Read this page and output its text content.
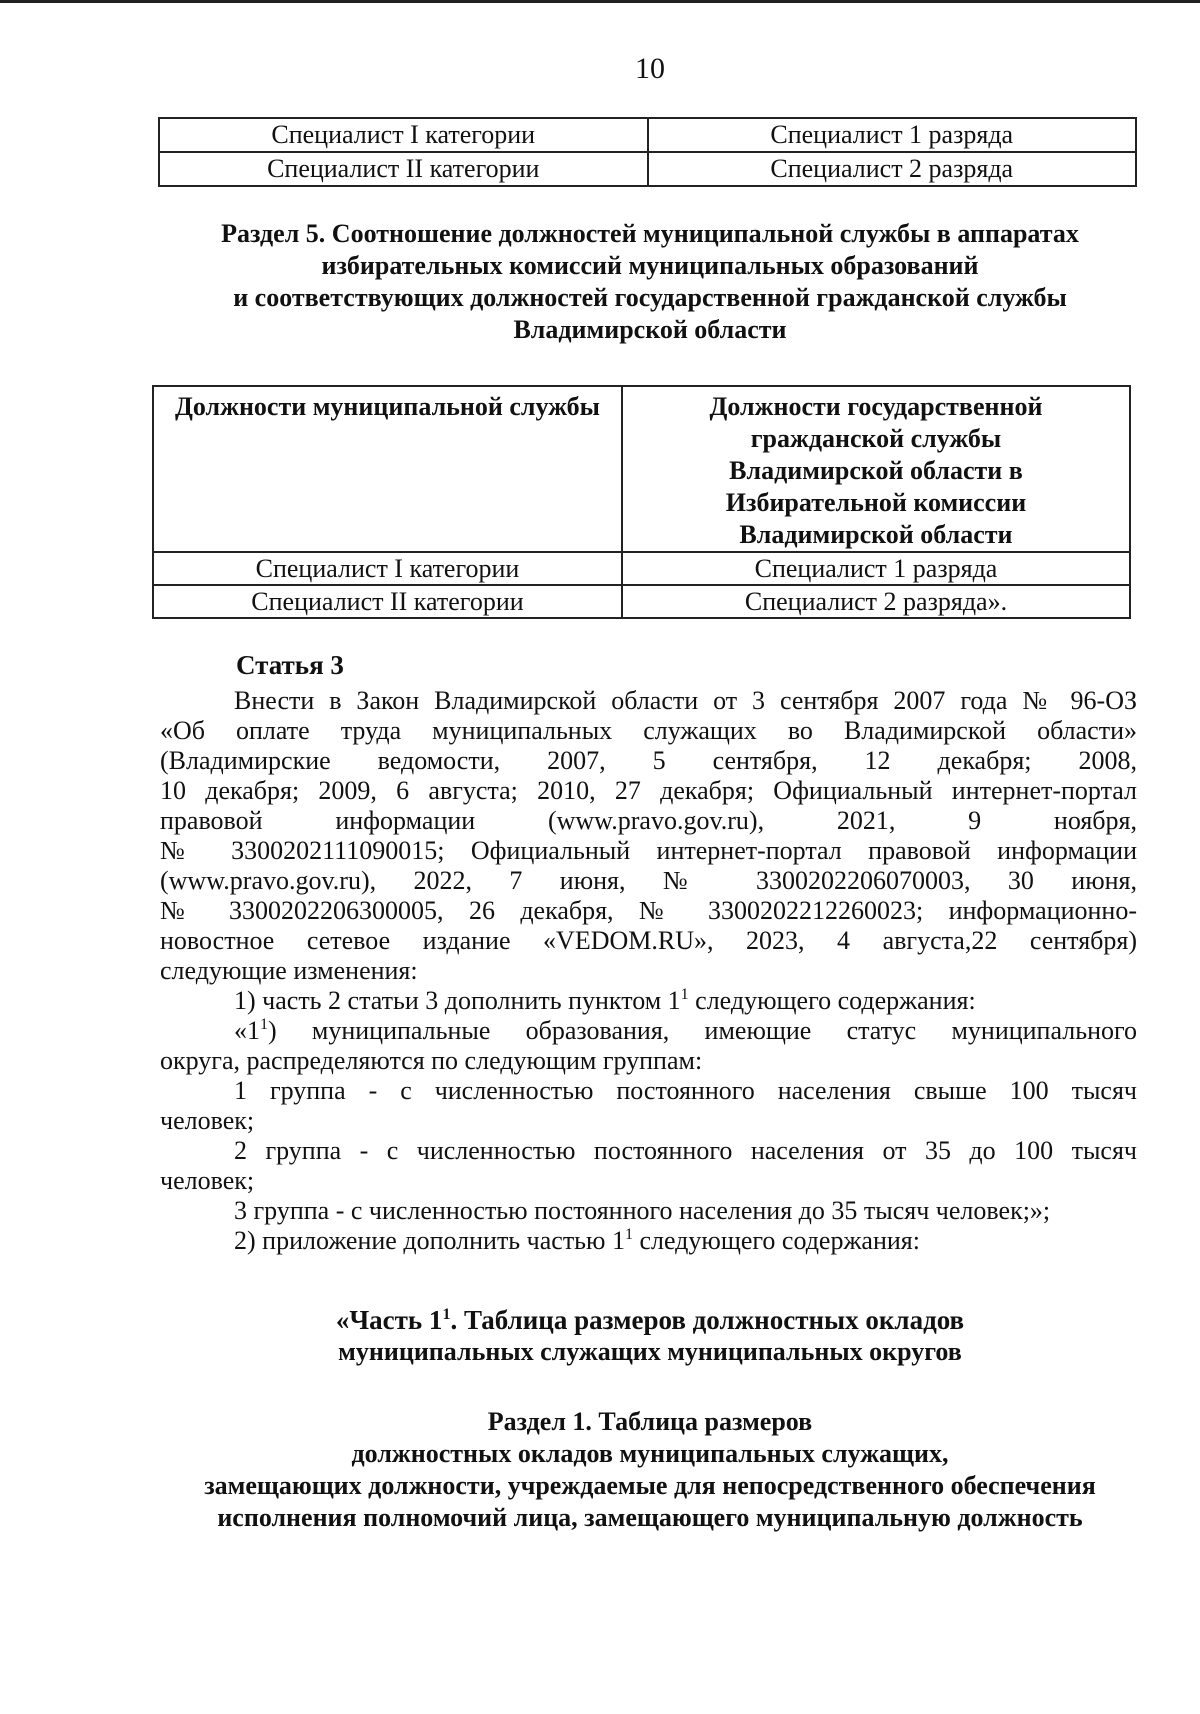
10
Специалист I категории	Специалист 1 разряда
Специалист II категории	Специалист 2 разряда
Раздел 5. Соотношение должностей муниципальной службы в аппаратах
избирательных комиссий муниципальных образований
и соответствующих должностей государственной гражданской службы
Владимирской области
Должности муниципальной службы	Должности государственной
гражданской службы
Владимирской области в
Избирательной комиссии
Владимирской области

Специалист I категории	Специалист 1 разряда
Специалист II категории	Специалист 2 разряда».
Статья 3
Внести в Закон Владимирской области от 3 сентября 2007 года № 96-ОЗ
«Об оплате труда муниципальных служащих во Владимирской области»
(Владимирские ведомости, 2007, 5 сентября, 12 декабря; 2008,
10 декабря; 2009, 6 августа; 2010, 27 декабря; Официальный интернет-портал
правовой информации (www.pravo.gov.ru), 2021, 9 ноября,
№ 3300202111090015; Официальный интернет-портал правовой информации
(www.pravo.gov.ru), 2022, 7 июня, № 3300202206070003, 30 июня,
№ 3300202206300005, 26 декабря, № 3300202212260023; информационно-
новостное сетевое издание «VEDOM.RU», 2023, 4 августа,22 сентября)
следующие изменения:
1) часть 2 статьи 3 дополнить пунктом $1^1$ следующего содержания:
«$1^1$) муниципальные образования, имеющие статус муниципального
округа, распределяются по следующим группам:
1 группа - с численностью постоянного населения свыше 100 тысяч
человек;
2 группа - с численностью постоянного населения от 35 до 100 тысяч
человек;
3 группа - с численностью постоянного населения до 35 тысяч человек;»;
2) приложение дополнить частью $1^1$ следующего содержания:
«Часть $1^1$. Таблица размеров должностных окладов
муниципальных служащих муниципальных округов
Раздел 1. Таблица размеров
должностных окладов муниципальных служащих,
замещающих должности, учреждаемые для непосредственного обеспечения
исполнения полномочий лица, замещающего муниципальную должность
